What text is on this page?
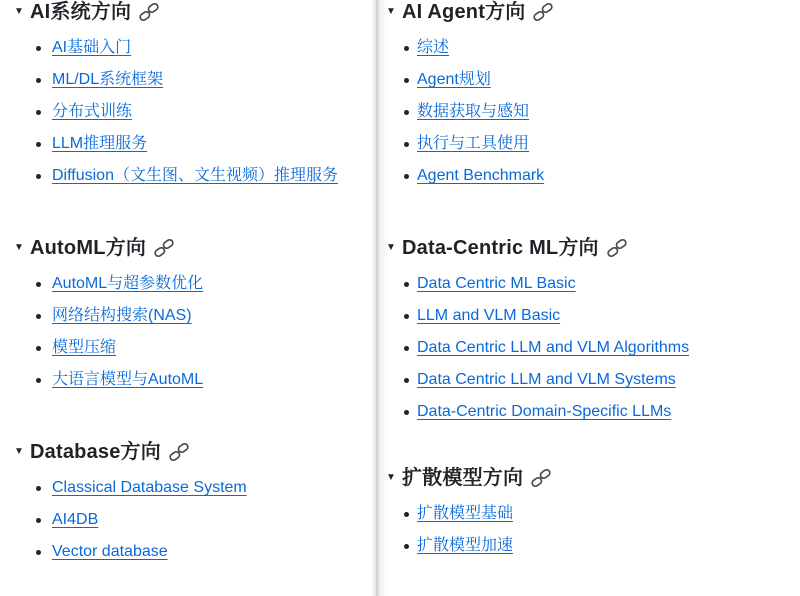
▼ AI系统方向
AI基础入门
ML/DL系统框架
分布式训练
LLM推理服务
Diffusion（文生图、文生视频）推理服务
▼ AutoML方向
AutoML与超参数优化
网络结构搜索(NAS)
模型压缩
大语言模型与AutoML
▼ Database方向
Classical Database System
AI4DB
Vector database
▼ AI Agent方向
综述
Agent规划
数据获取与感知
执行与工具使用
Agent Benchmark
▼ Data-Centric ML方向
Data Centric ML Basic
LLM and VLM Basic
Data Centric LLM and VLM Algorithms
Data Centric LLM and VLM Systems
Data-Centric Domain-Specific LLMs
▼ 扩散模型方向
扩散模型基础
扩散模型加速
